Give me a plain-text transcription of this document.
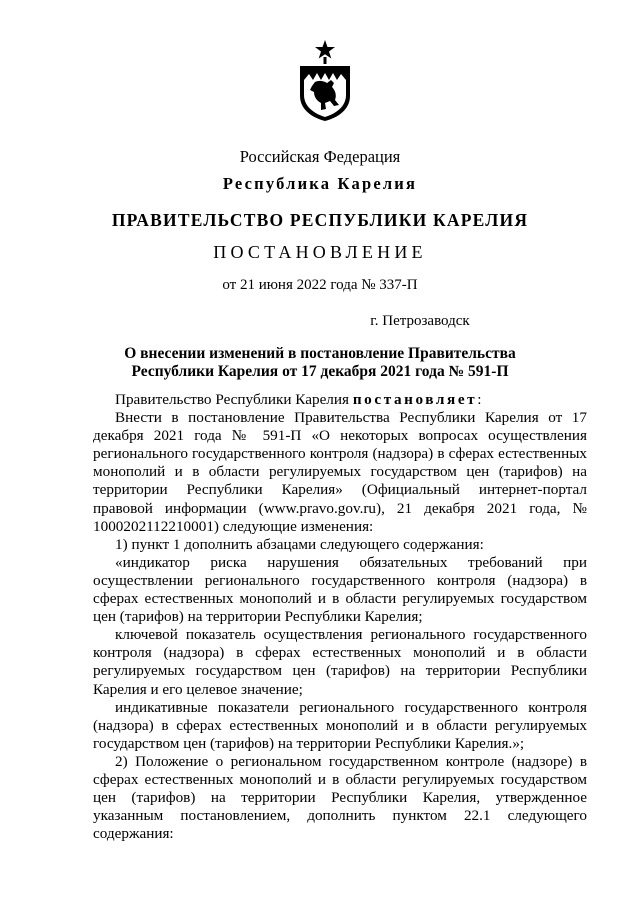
Российская Федерация
Республика Карелия
ПРАВИТЕЛЬСТВО РЕСПУБЛИКИ КАРЕЛИЯ
ПОСТАНОВЛЕНИЕ
от 21 июня 2022 года № 337-П
г. Петрозаводск
О внесении изменений в постановление Правительства
Республики Карелия от 17 декабря 2021 года № 591-П

Правительство Республики Карелия постановляет:

Внести в постановление Правительства Республики Карелия от 17 декабря 2021 года № 591-П «О некоторых вопросах осуществления регионального государственного контроля (надзора) в сферах естественных монополий и в области регулируемых государством цен (тарифов) на территории Республики Карелия» (Официальный интернет-портал правовой информации (www.pravo.gov.ru), 21 декабря 2021 года, № 1000202112210001) следующие изменения:

1) пункт 1 дополнить абзацами следующего содержания:

«индикатор риска нарушения обязательных требований при осуществлении регионального государственного контроля (надзора) в сферах естественных монополий и в области регулируемых государством цен (тарифов) на территории Республики Карелия;

ключевой показатель осуществления регионального государственного контроля (надзора) в сферах естественных монополий и в области регулируемых государством цен (тарифов) на территории Республики Карелия и его целевое значение;

индикативные показатели регионального государственного контроля (надзора) в сферах естественных монополий и в области регулируемых государством цен (тарифов) на территории Республики Карелия.»;

2) Положение о региональном государственном контроле (надзоре) в сферах естественных монополий и в области регулируемых государством цен (тарифов) на территории Республики Карелия, утвержденное указанным постановлением, дополнить пунктом 22.1 следующего содержания:
